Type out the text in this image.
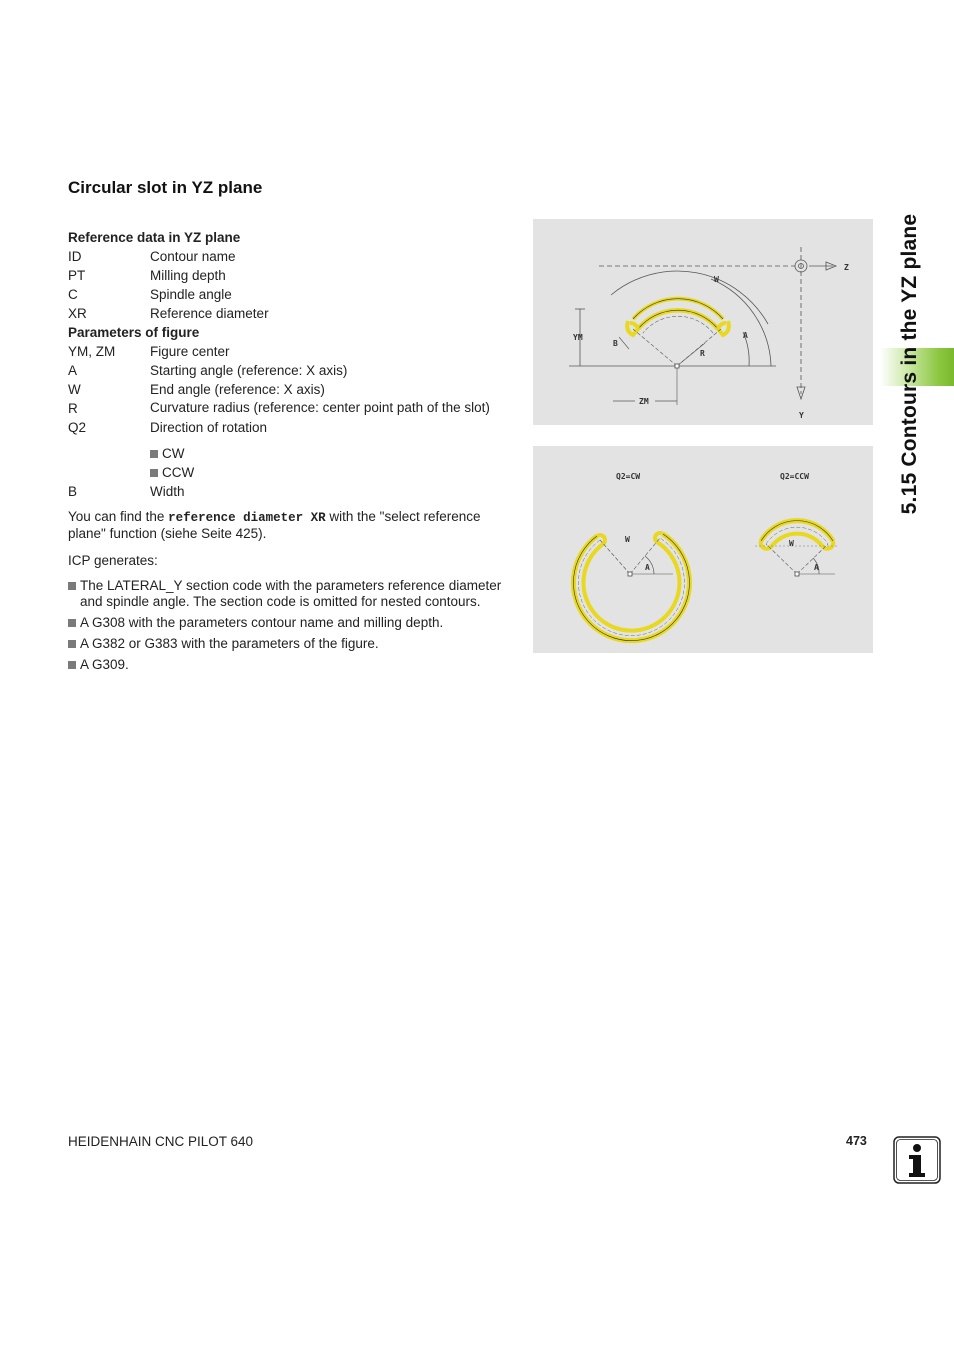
Circular slot in YZ plane
Reference data in YZ plane
ID	Contour name
PT	Milling depth
C	Spindle angle
XR	Reference diameter
Parameters of figure
YM, ZM	Figure center
A	Starting angle (reference: X axis)
W	End angle (reference: X axis)
R	Curvature radius (reference: center point path of the slot)
Q2	Direction of rotation
CW
CCW
B	Width
You can find the reference diameter XR with the "select reference plane" function (siehe Seite 425).
ICP generates:
The LATERAL_Y section code with the parameters reference diameter and spindle angle. The section code is omitted for nested contours.
A G308 with the parameters contour name and milling depth.
A G382 or G383 with the parameters of the figure.
A G309.
Z
Y
W
A
R
B
YM
ZM
Q2=CW	Q2=CCW
W
A
W
A
5.15 Contours in the YZ plane
HEIDENHAIN CNC PILOT 640	473
